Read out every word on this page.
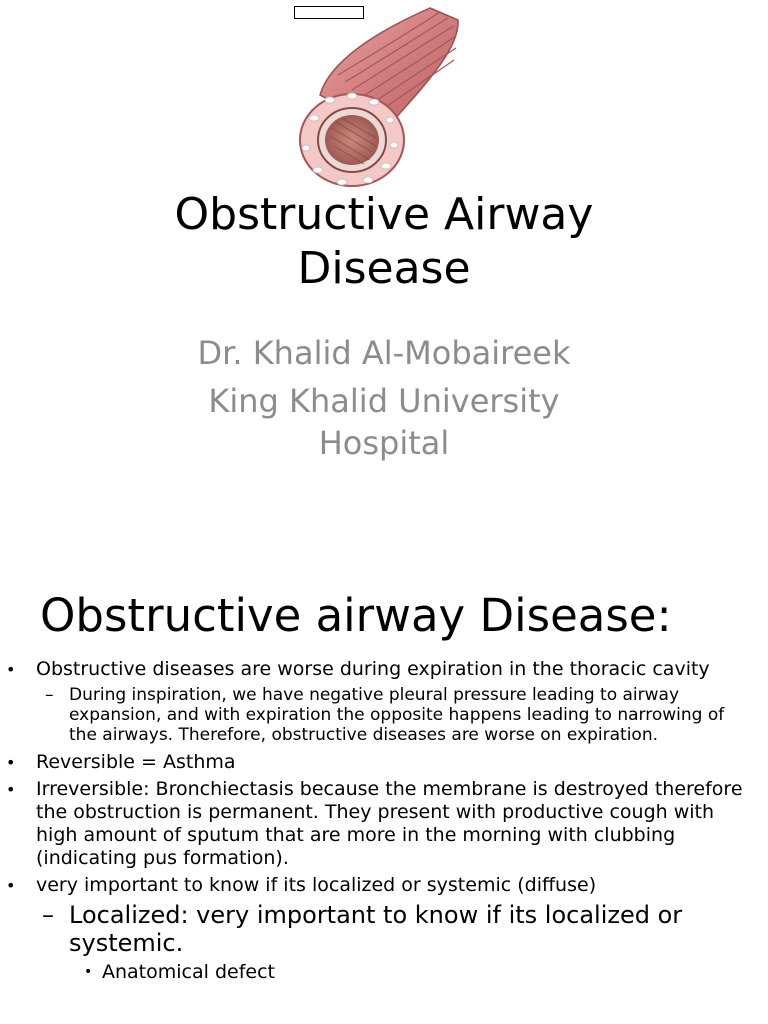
Obstructive Airway
Disease
Dr. Khalid Al-Mobaireek
King Khalid University
Hospital
Obstructive airway Disease:
• Obstructive diseases are worse during expiration in the thoracic cavity
– During inspiration, we have negative pleural pressure leading to airway expansion, and with expiration the opposite happens leading to narrowing of the airways. Therefore, obstructive diseases are worse on expiration.
• Reversible = Asthma
• Irreversible: Bronchiectasis because the membrane is destroyed therefore the obstruction is permanent. They present with productive cough with high amount of sputum that are more in the morning with clubbing (indicating pus formation).
• very important to know if its localized or systemic (diffuse)
– Localized: very important to know if its localized or systemic.
• Anatomical defect
